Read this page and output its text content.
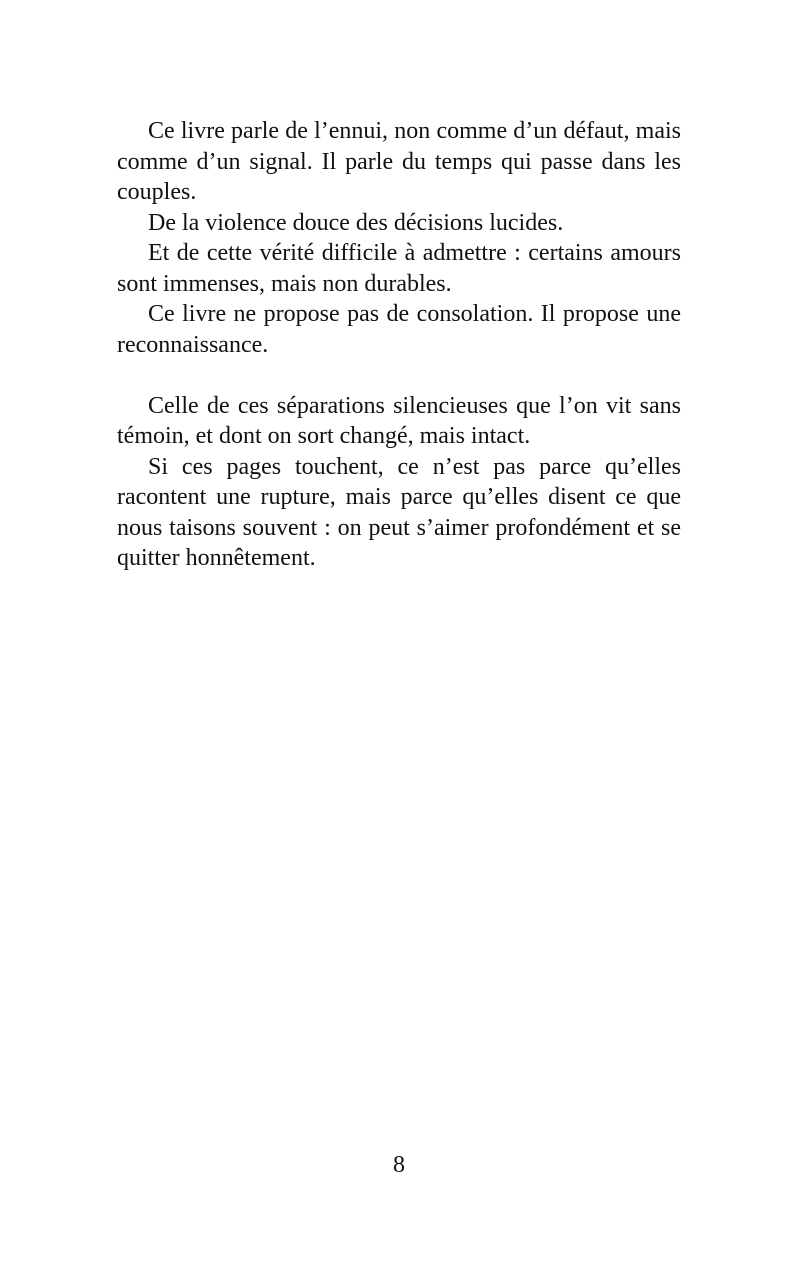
Ce livre parle de l’ennui, non comme d’un défaut, mais comme d’un signal. Il parle du temps qui passe dans les couples.

De la violence douce des décisions lucides.

Et de cette vérité difficile à admettre : certains amours sont immenses, mais non durables.

Ce livre ne propose pas de consolation. Il propose une reconnaissance.

Celle de ces séparations silencieuses que l’on vit sans témoin, et dont on sort changé, mais intact.

Si ces pages touchent, ce n’est pas parce qu’elles racontent une rupture, mais parce qu’elles disent ce que nous taisons souvent : on peut s’aimer profondément et se quitter honnêtement.

8
